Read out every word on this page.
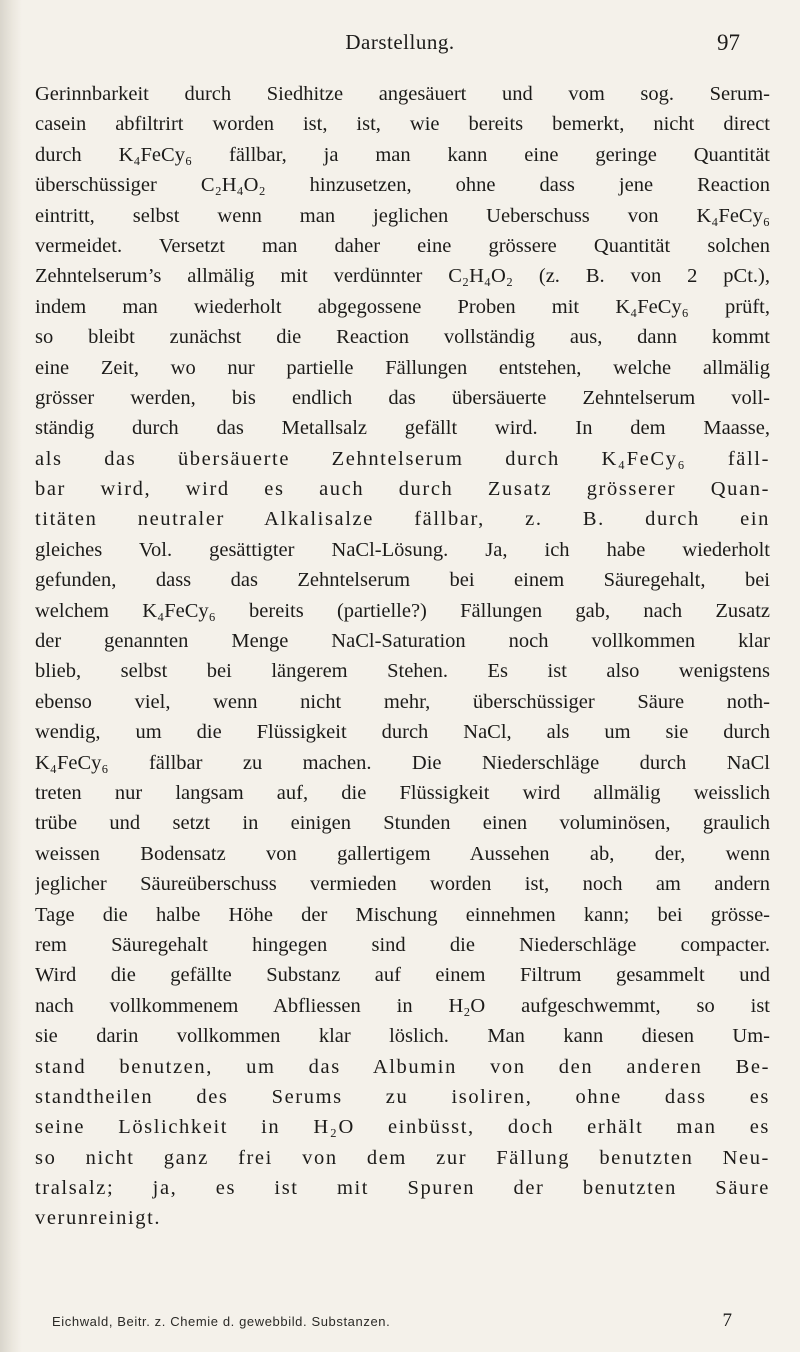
Darstellung.	97
Gerinnbarkeit durch Siedhitze angesäuert und vom sog. Serum-
casein abfiltrirt worden ist, ist, wie bereits bemerkt, nicht direct
durch K₄FeCy₆ fällbar, ja man kann eine geringe Quantität
überschüssiger C₂H₄O₂ hinzusetzen, ohne dass jene Reaction
eintritt, selbst wenn man jeglichen Ueberschuss von K₄FeCy₆
vermeidet. Versetzt man daher eine grössere Quantität solchen
Zehntelserum’s allmälig mit verdünnter C₂H₄O₂ (z. B. von 2 pCt.),
indem man wiederholt abgegossene Proben mit K₄FeCy₆ prüft,
so bleibt zunächst die Reaction vollständig aus, dann kommt
eine Zeit, wo nur partielle Fällungen entstehen, welche allmälig
grösser werden, bis endlich das übersäuerte Zehntelserum voll-
ständig durch das Metallsalz gefällt wird. In dem Maasse,
als das übersäuerte Zehntelserum durch K₄FeCy₆ fäll-
bar wird, wird es auch durch Zusatz grösserer Quan-
titäten neutraler Alkalisalze fällbar, z. B. durch ein
gleiches Vol. gesättigter NaCl-Lösung. Ja, ich habe wiederholt
gefunden, dass das Zehntelserum bei einem Säuregehalt, bei
welchem K₄FeCy₆ bereits (partielle?) Fällungen gab, nach Zusatz
der genannten Menge NaCl-Saturation noch vollkommen klar
blieb, selbst bei längerem Stehen. Es ist also wenigstens
ebenso viel, wenn nicht mehr, überschüssiger Säure noth-
wendig, um die Flüssigkeit durch NaCl, als um sie durch
K₄FeCy₆ fällbar zu machen. Die Niederschläge durch NaCl
treten nur langsam auf, die Flüssigkeit wird allmälig weisslich
trübe und setzt in einigen Stunden einen voluminösen, graulich
weissen Bodensatz von gallertigem Aussehen ab, der, wenn
jeglicher Säureüberschuss vermieden worden ist, noch am andern
Tage die halbe Höhe der Mischung einnehmen kann; bei grösse-
rem Säuregehalt hingegen sind die Niederschläge compacter.
Wird die gefällte Substanz auf einem Filtrum gesammelt und
nach vollkommenem Abfliessen in H₂O aufgeschwemmt, so ist
sie darin vollkommen klar löslich. Man kann diesen Um-
stand benutzen, um das Albumin von den anderen Be-
standtheilen des Serums zu isoliren, ohne dass es
seine Löslichkeit in H₂O einbüsst, doch erhält man es
so nicht ganz frei von dem zur Fällung benutzten Neu-
tralsalz; ja, es ist mit Spuren der benutzten Säure
verunreinigt.
Eichwald, Beitr. z. Chemie d. gewebbild. Substanzen.	7
